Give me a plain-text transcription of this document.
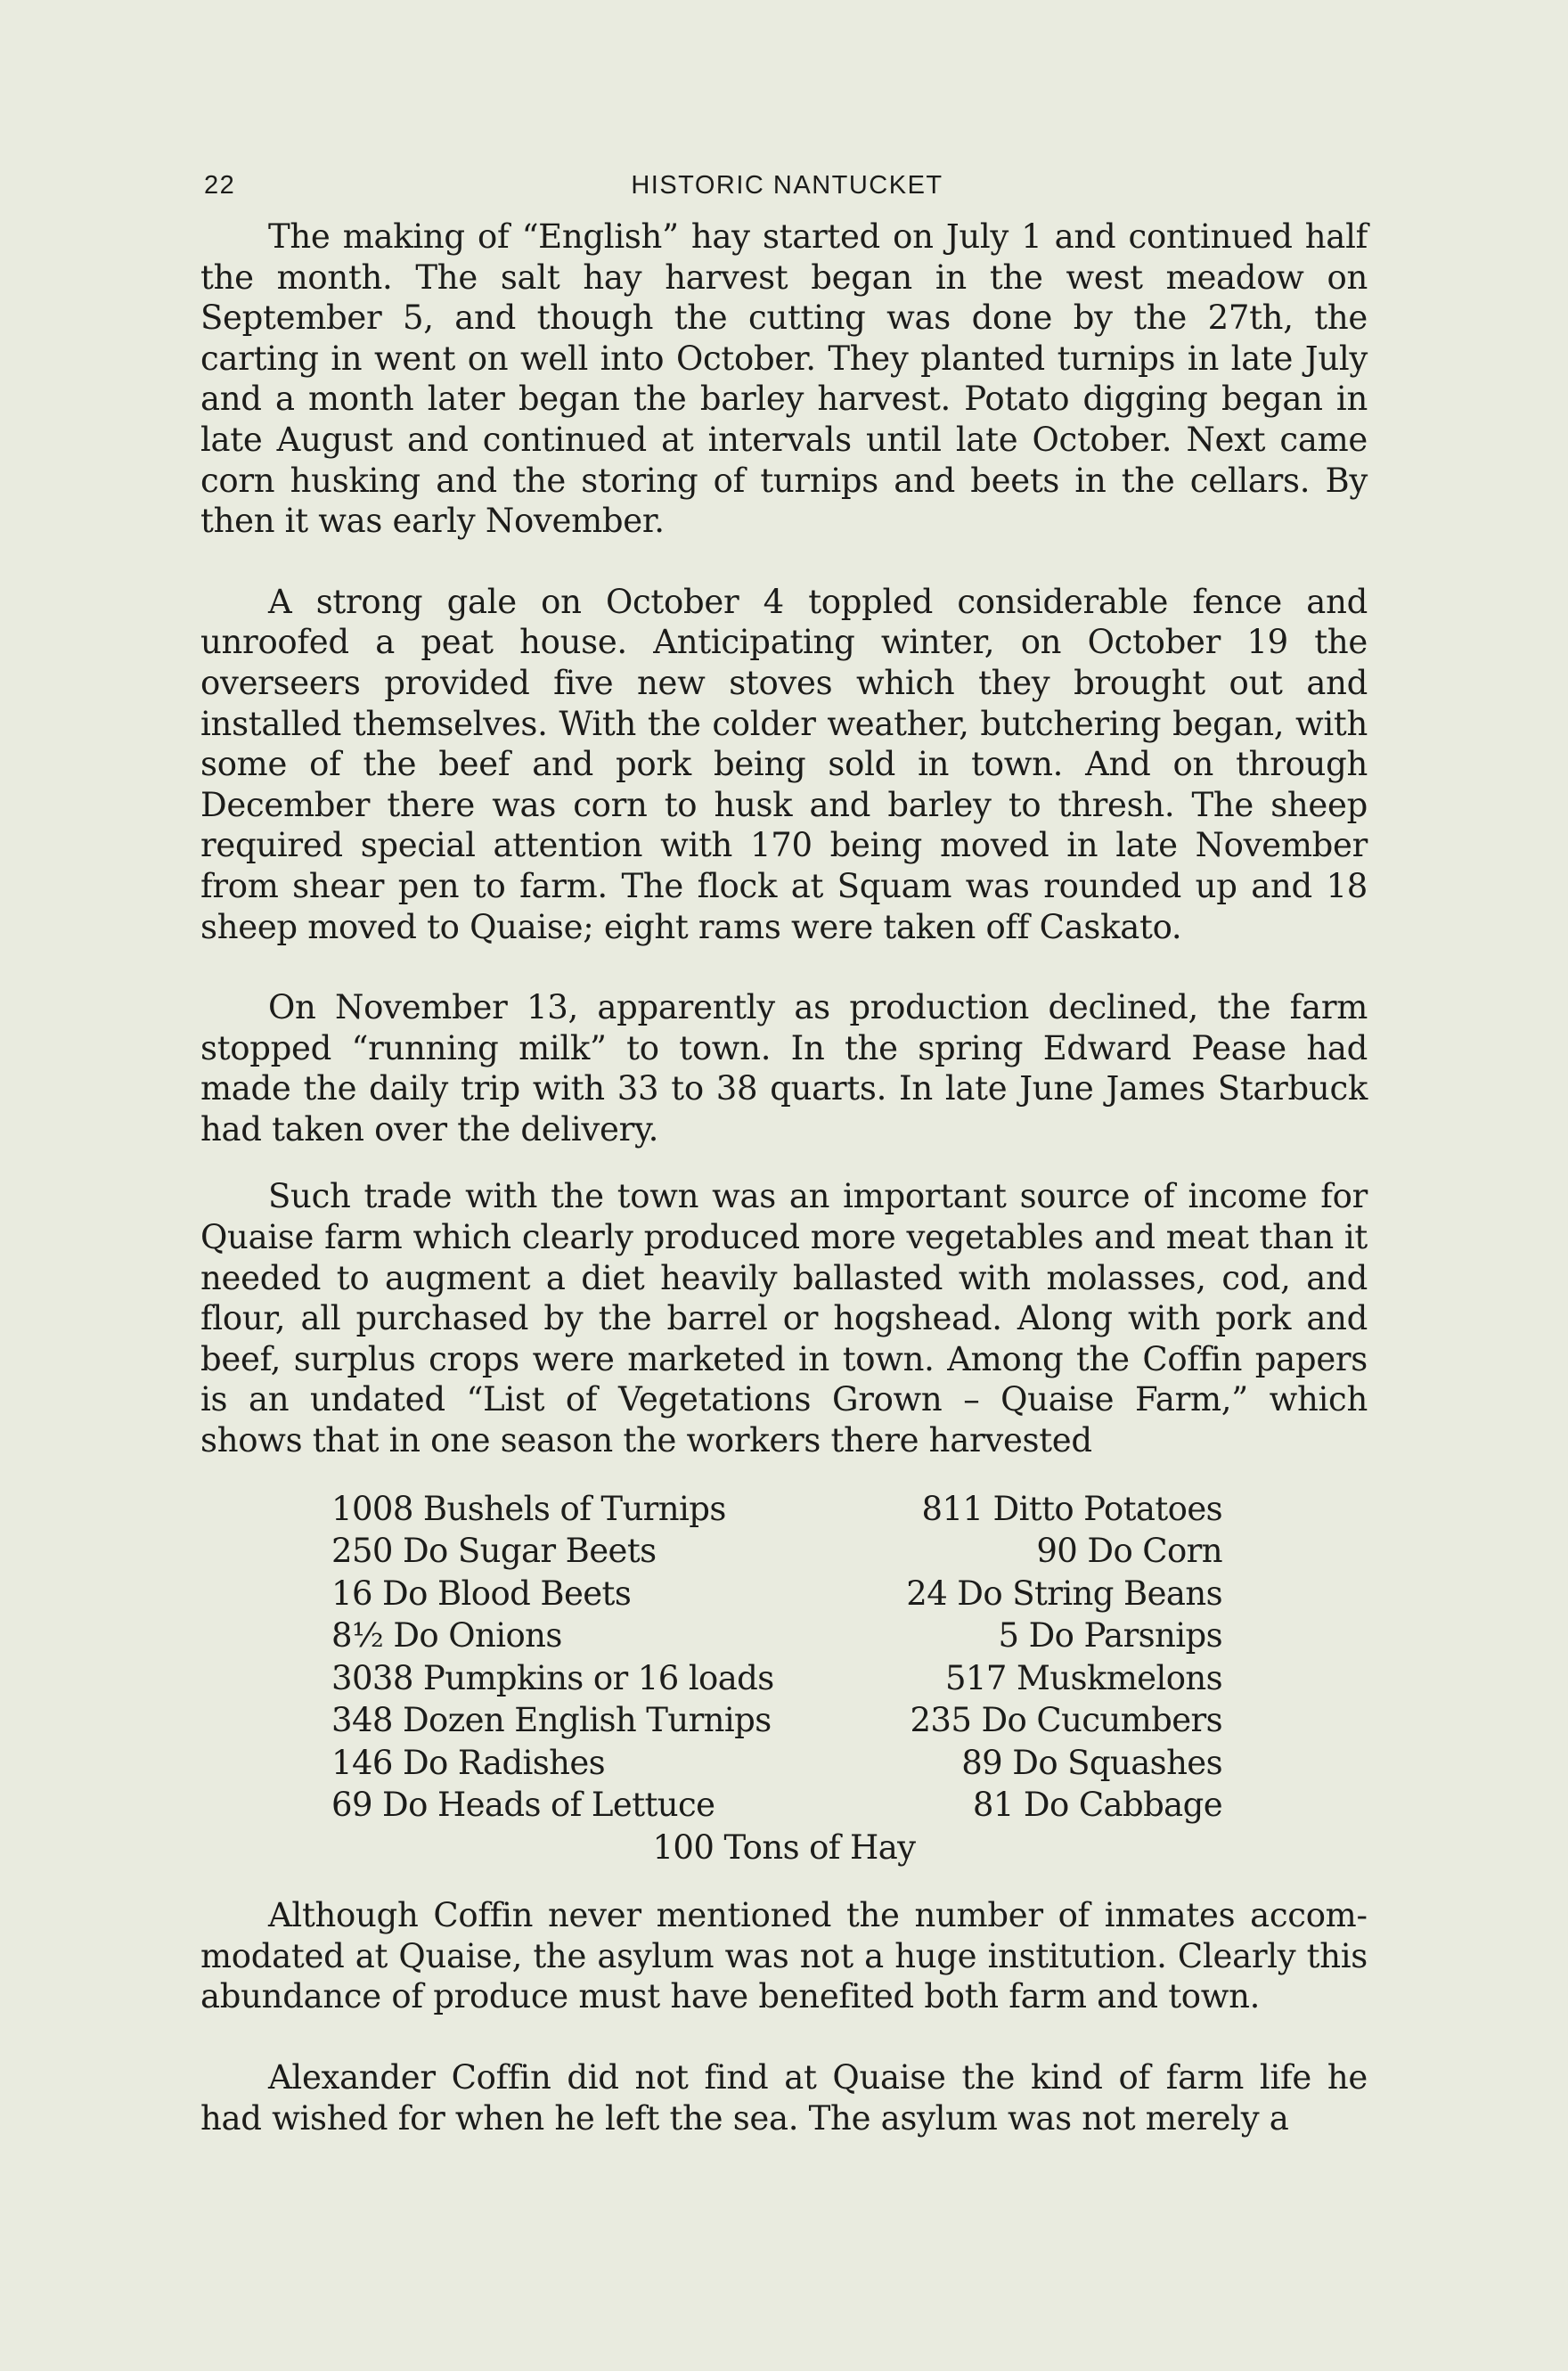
22	HISTORIC NANTUCKET

The making of “English” hay started on July 1 and continued half the month. The salt hay harvest began in the west meadow on September 5, and though the cutting was done by the 27th, the carting in went on well into October. They planted turnips in late July and a month later began the barley harvest. Potato digging began in late August and continued at intervals until late October. Next came corn husking and the storing of turnips and beets in the cellars. By then it was early November.

A strong gale on October 4 toppled considerable fence and unroofed a peat house. Anticipating winter, on October 19 the overseers provided five new stoves which they brought out and installed themselves. With the colder weather, butchering began, with some of the beef and pork being sold in town. And on through December there was corn to husk and barley to thresh. The sheep required special attention with 170 being moved in late November from shear pen to farm. The flock at Squam was rounded up and 18 sheep moved to Quaise; eight rams were taken off Caskato.

On November 13, apparently as production declined, the farm stopped “running milk” to town. In the spring Edward Pease had made the daily trip with 33 to 38 quarts. In late June James Starbuck had taken over the delivery.

Such trade with the town was an important source of income for Quaise farm which clearly produced more vegetables and meat than it needed to augment a diet heavily ballasted with molasses, cod, and flour, all purchased by the barrel or hogshead. Along with pork and beef, surplus crops were marketed in town. Among the Coffin papers is an undated “List of Vegetations Grown – Quaise Farm,” which shows that in one season the workers there harvested

1008 Bushels of Turnips	811 Ditto Potatoes
250 Do Sugar Beets	90 Do Corn
16 Do Blood Beets	24 Do String Beans
8½ Do Onions	5 Do Parsnips
3038 Pumpkins or 16 loads	517 Muskmelons
348 Dozen English Turnips	235 Do Cucumbers
146 Do Radishes	89 Do Squashes
69 Do Heads of Lettuce	81 Do Cabbage
100 Tons of Hay

Although Coffin never mentioned the number of inmates accommodated at Quaise, the asylum was not a huge institution. Clearly this abundance of produce must have benefited both farm and town.

Alexander Coffin did not find at Quaise the kind of farm life he had wished for when he left the sea. The asylum was not merely a
